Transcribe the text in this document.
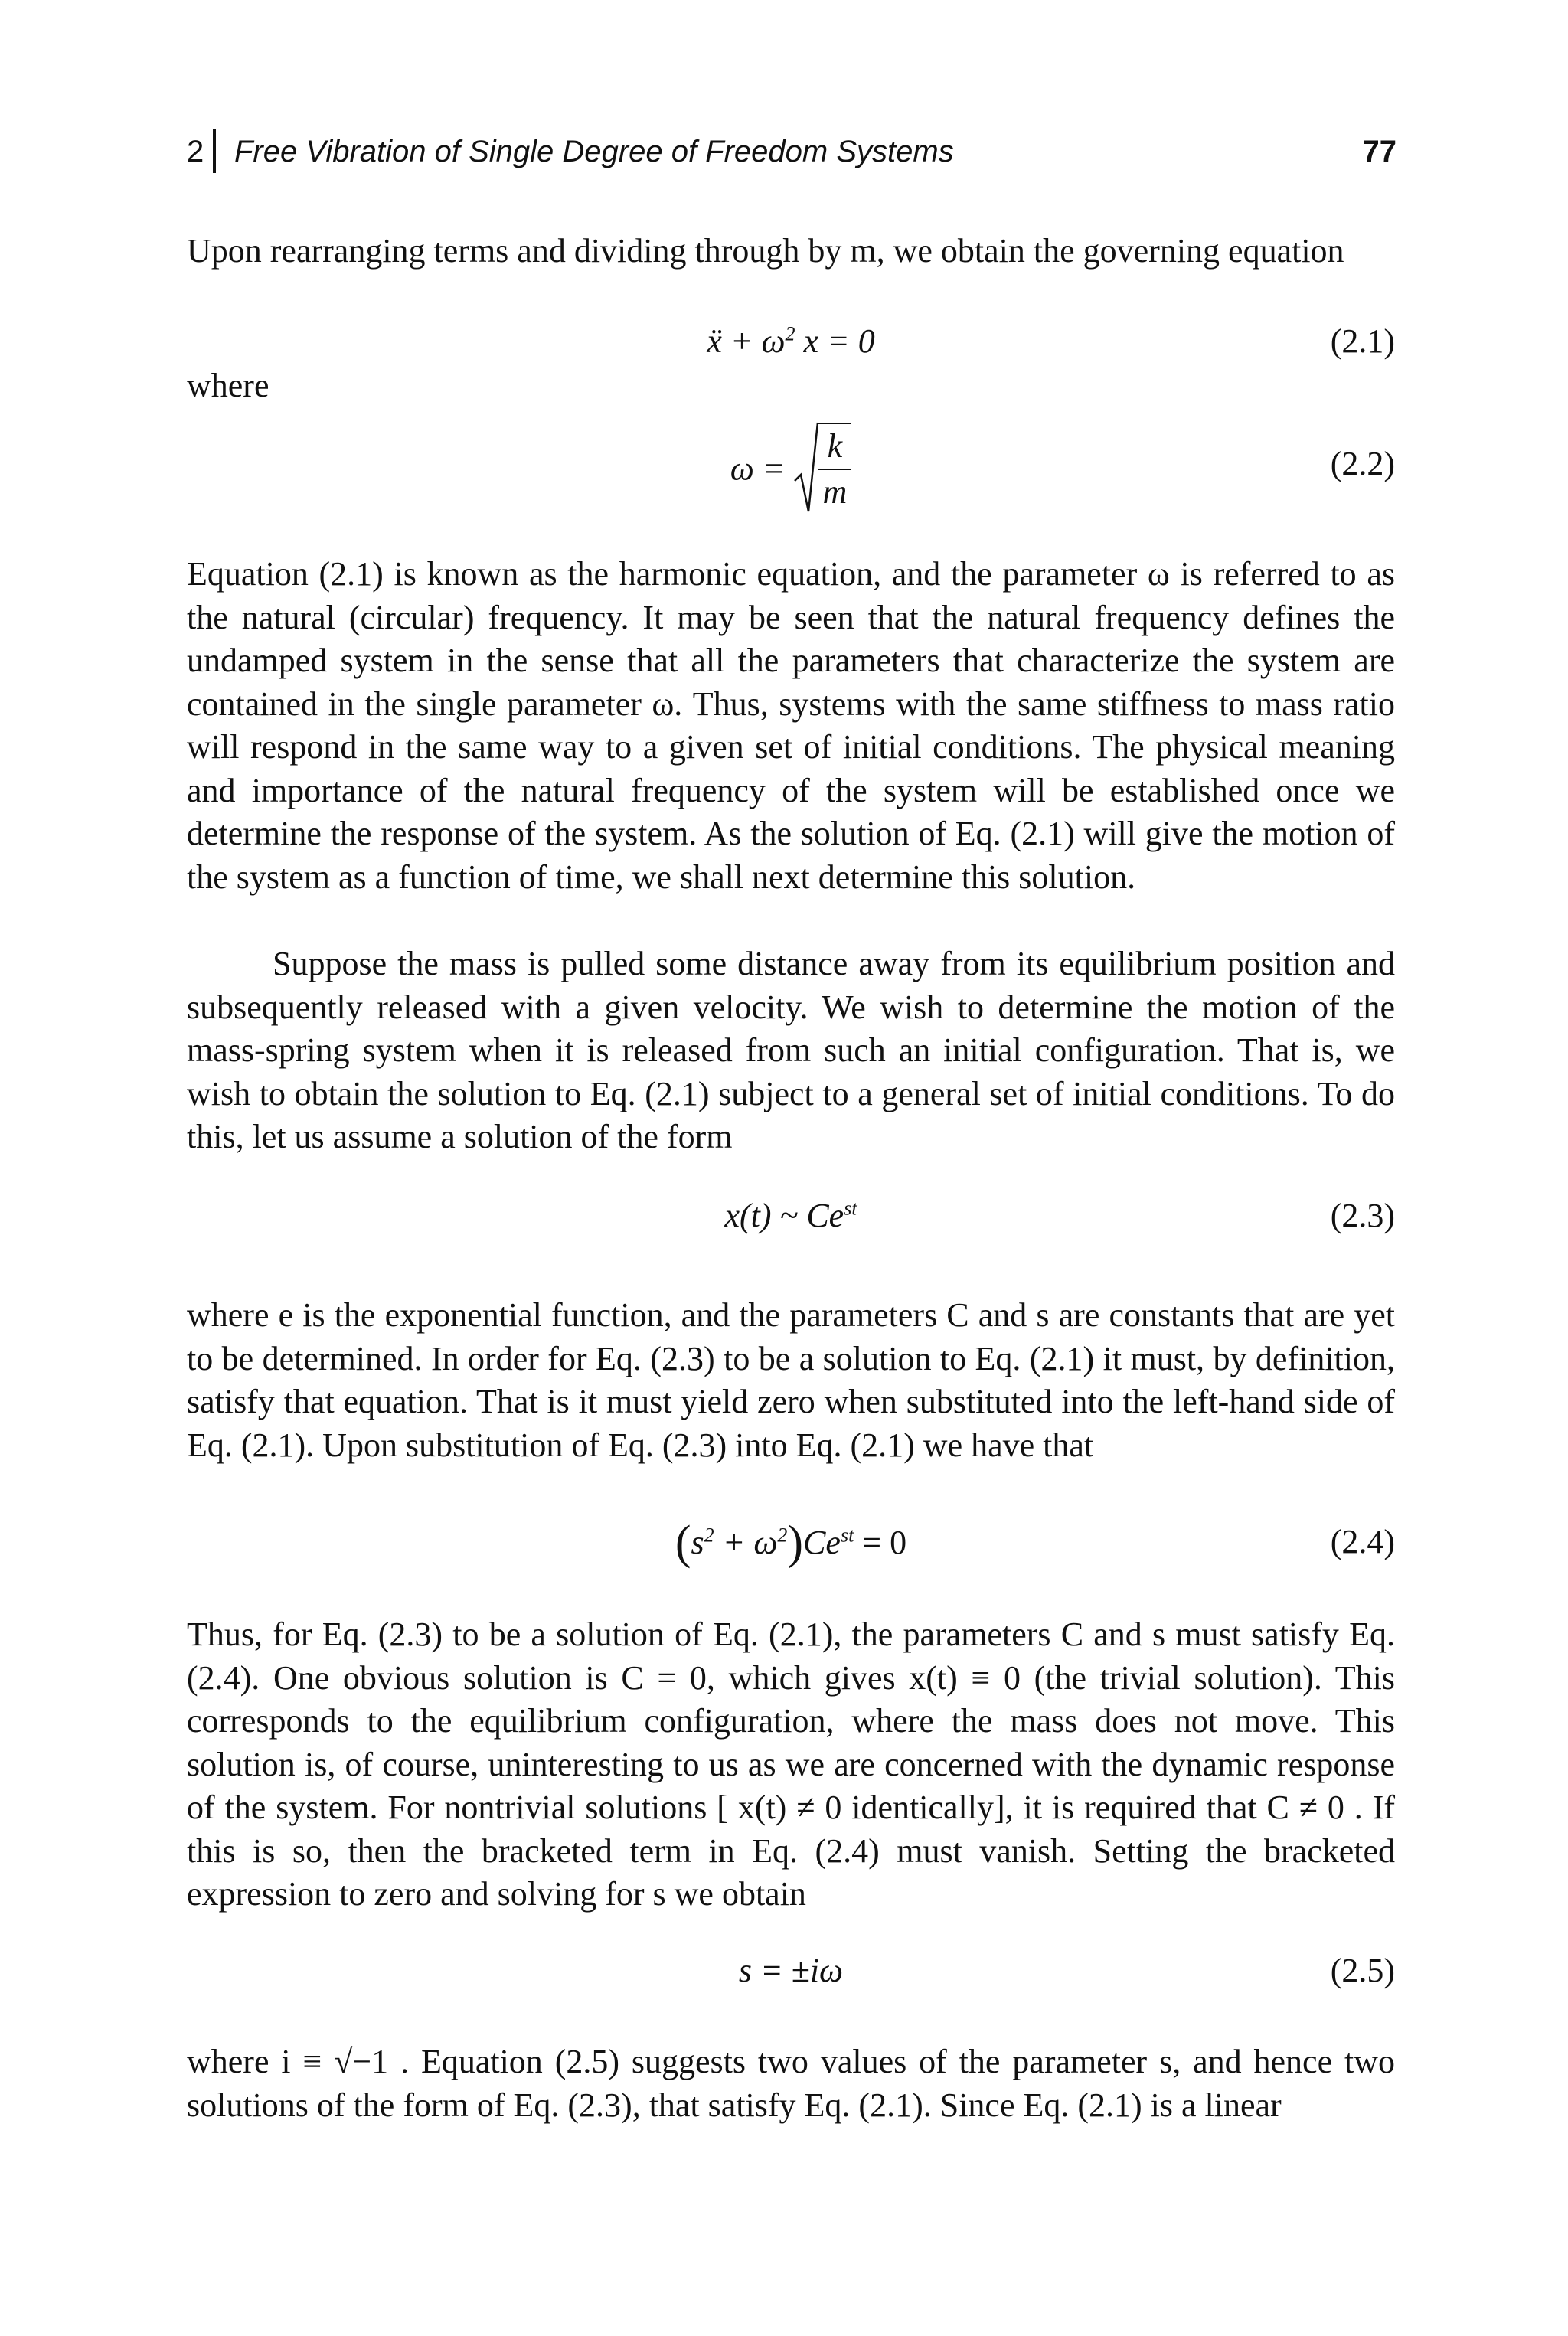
2 Free Vibration of Single Degree of Freedom Systems	77

Upon rearranging terms and dividing through by m, we obtain the governing equation

ẍ + $\omega^2$ x = 0	(2.1)
where
$\omega = \frac{k}{m}$	(2.2)

Equation (2.1) is known as the harmonic equation, and the parameter ω is referred to as the natural (circular) frequency. It may be seen that the natural frequency defines the undamped system in the sense that all the parameters that characterize the system are contained in the single parameter ω. Thus, systems with the same stiffness to mass ratio will respond in the same way to a given set of initial conditions. The physical meaning and importance of the natural frequency of the system will be established once we determine the response of the system. As the solution of Eq. (2.1) will give the motion of the system as a function of time, we shall next determine this solution.

Suppose the mass is pulled some distance away from its equilibrium position and subsequently released with a given velocity. We wish to determine the motion of the mass-spring system when it is released from such an initial configuration. That is, we wish to obtain the solution to Eq. (2.1) subject to a general set of initial conditions. To do this, let us assume a solution of the form

x(t) ~ $Ce^{st}$	(2.3)

where e is the exponential function, and the parameters C and s are constants that are yet to be determined. In order for Eq. (2.3) to be a solution to Eq. (2.1) it must, by definition, satisfy that equation. That is it must yield zero when substituted into the left-hand side of Eq. (2.1). Upon substitution of Eq. (2.3) into Eq. (2.1) we have that

$(s^2 + \omega^2)Ce^{st} = 0$	(2.4)

Thus, for Eq. (2.3) to be a solution of Eq. (2.1), the parameters C and s must satisfy Eq. (2.4). One obvious solution is C = 0, which gives x(t) ≡ 0 (the trivial solution). This corresponds to the equilibrium configuration, where the mass does not move. This solution is, of course, uninteresting to us as we are concerned with the dynamic response of the system. For nontrivial solutions [ x(t) ≠ 0 identically], it is required that C ≠ 0 . If this is so, then the bracketed term in Eq. (2.4) must vanish. Setting the bracketed expression to zero and solving for s we obtain

s = ±iω	(2.5)

where i ≡ √−1 . Equation (2.5) suggests two values of the parameter s, and hence two solutions of the form of Eq. (2.3), that satisfy Eq. (2.1). Since Eq. (2.1) is a linear
